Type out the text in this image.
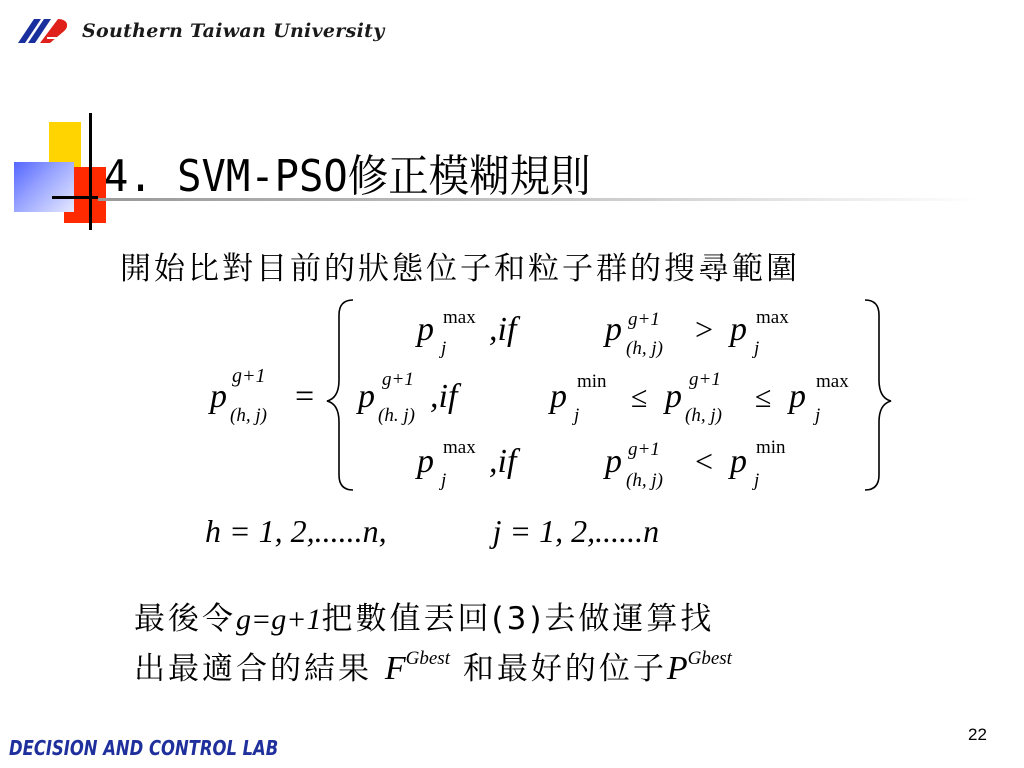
Southern Taiwan University
4. SVM-PSO修正模糊規則
開始比對目前的狀態位子和粒子群的搜尋範圍
p
g+1
(h, j)
=
p max
j
,if	p g+1
(h, j)
> p max
j
p g+1
(h. j)
,if	p min
j
≤ p g+1
(h, j)
≤ p max
j
p max
j
,if	p g+1
(h, j)
< p min
j
h = 1, 2,......n,	j = 1, 2,......n
最後令g=g+1把數值丟回(3)去做運算找
出最適合的結果 $F^{Gbest}$ 和最好的位子$P^{Gbest}$
DECISION AND CONTROL LAB
22
